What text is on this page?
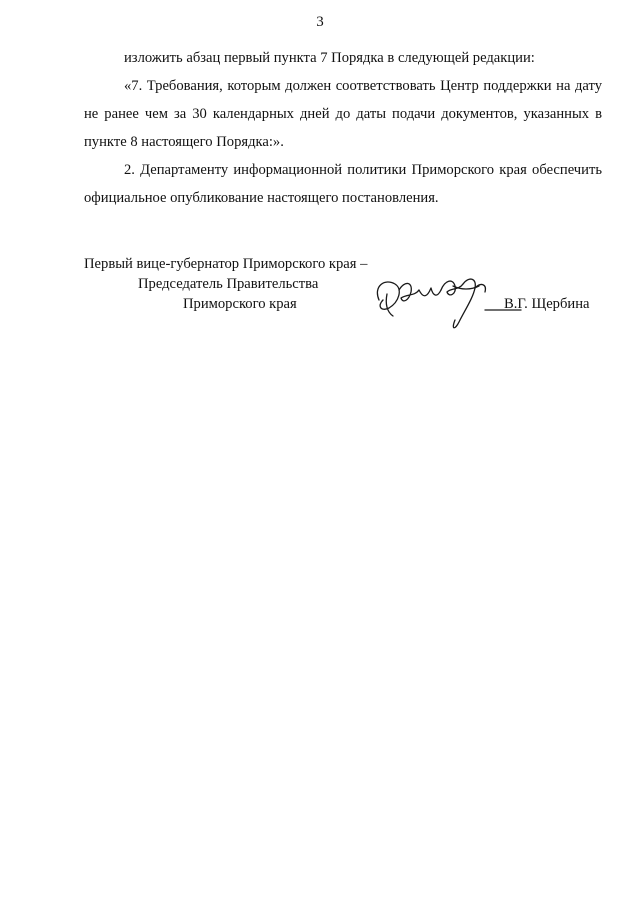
3

изложить абзац первый пункта 7 Порядка в следующей редакции:

«7. Требования, которым должен соответствовать Центр поддержки на дату не ранее чем за 30 календарных дней до даты подачи документов, указанных в пункте 8 настоящего Порядка:».

2. Департаменту информационной политики Приморского края обеспечить официальное опубликование настоящего постановления.

Первый вице-губернатор Приморского края –
Председатель Правительства
Приморского края	В.Г. Щербина
